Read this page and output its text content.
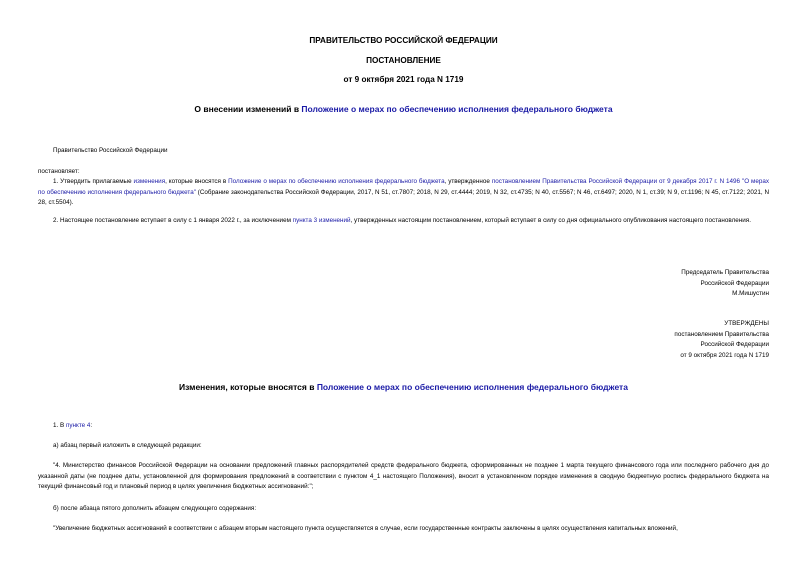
ПРАВИТЕЛЬСТВО РОССИЙСКОЙ ФЕДЕРАЦИИ
ПОСТАНОВЛЕНИЕ
от 9 октября 2021 года N 1719
О внесении изменений в Положение о мерах по обеспечению исполнения федерального бюджета
Правительство Российской Федерации
постановляет:
1. Утвердить прилагаемые изменения, которые вносятся в Положение о мерах по обеспечению исполнения федерального бюджета, утвержденное постановлением Правительства Российской Федерации от 9 декабря 2017 г. N 1496 "О мерах по обеспечению исполнения федерального бюджета" (Собрание законодательства Российской Федерации, 2017, N 51, ст.7807; 2018, N 29, ст.4444; 2019, N 32, ст.4735; N 40, ст.5567; N 46, ст.6497; 2020, N 1, ст.39; N 9, ст.1196; N 45, ст.7122; 2021, N 28, ст.5504).
2. Настоящее постановление вступает в силу с 1 января 2022 г., за исключением пункта 3 изменений, утвержденных настоящим постановлением, который вступает в силу со дня официального опубликования настоящего постановления.
Председатель Правительства
Российской Федерации
М.Мишустин
УТВЕРЖДЕНЫ
постановлением Правительства
Российской Федерации
от 9 октября 2021 года N 1719
Изменения, которые вносятся в Положение о мерах по обеспечению исполнения федерального бюджета
1. В пункте 4:
а) абзац первый изложить в следующей редакции:
"4. Министерство финансов Российской Федерации на основании предложений главных распорядителей средств федерального бюджета, сформированных не позднее 1 марта текущего финансового года или последнего рабочего дня до указанной даты (не позднее даты, установленной для формирования предложений в соответствии с пунктом 4_1 настоящего Положения), вносит в установленном порядке изменения в сводную бюджетную роспись федерального бюджета на текущий финансовый год и плановый период в целях увеличения бюджетных ассигнований:";
б) после абзаца пятого дополнить абзацем следующего содержания:
"Увеличение бюджетных ассигнований в соответствии с абзацем вторым настоящего пункта осуществляется в случае, если государственные контракты заключены в целях осуществления капитальных вложений,
